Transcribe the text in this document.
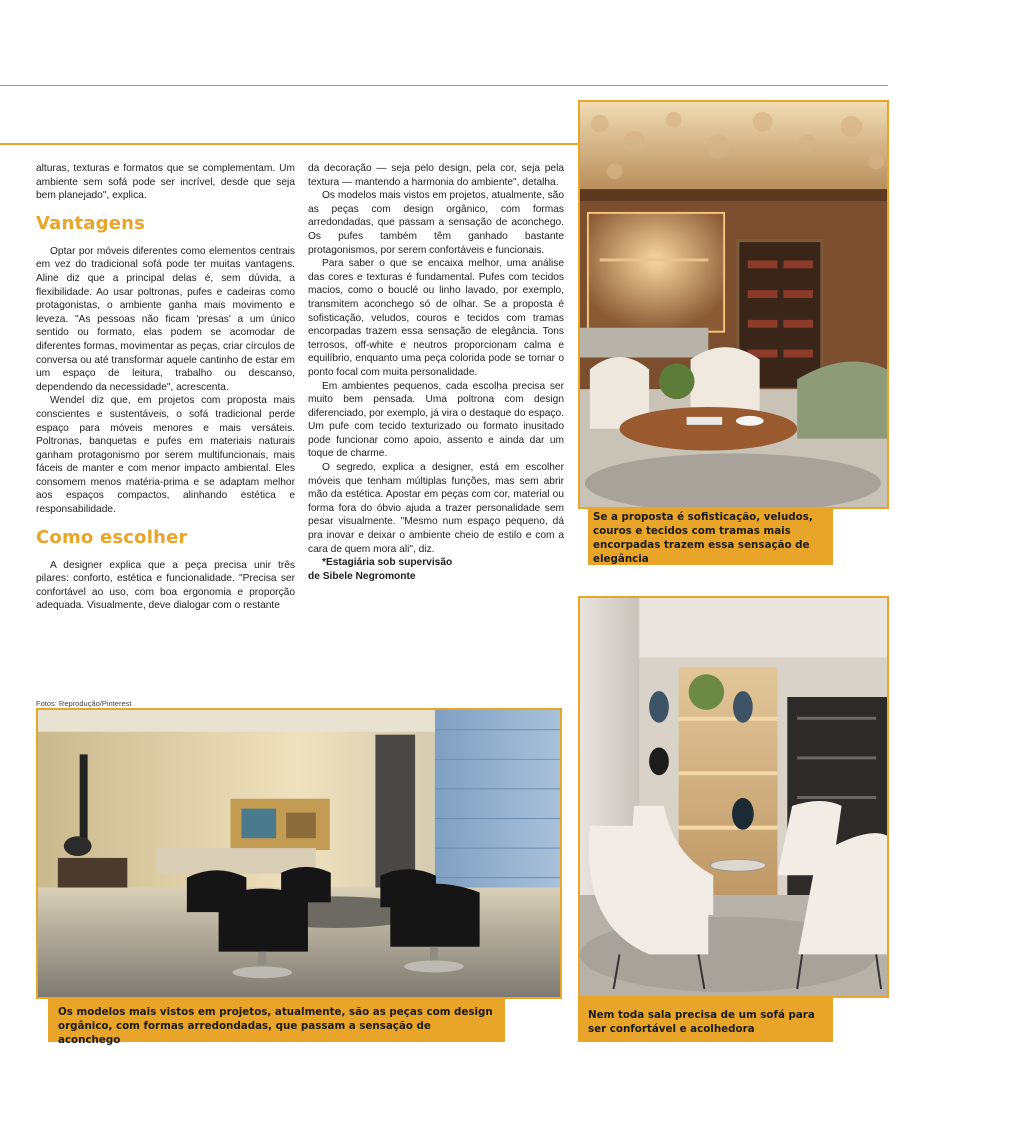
alturas, texturas e formatos que se complementam. Um ambiente sem sofá pode ser incrível, desde que seja bem planejado", explica.

Vantagens

Optar por móveis diferentes como elementos centrais em vez do tradicional sofá pode ter muitas vantagens. Aline diz que a principal delas é, sem dúvida, a flexibilidade. Ao usar poltronas, pufes e cadeiras como protagonistas, o ambiente ganha mais movimento e leveza. "As pessoas não ficam 'presas' a um único sentido ou formato, elas podem se acomodar de diferentes formas, movimentar as peças, criar círculos de conversa ou até transformar aquele cantinho de estar em um espaço de leitura, trabalho ou descanso, dependendo da necessidade", acrescenta.

Wendel diz que, em projetos com proposta mais conscientes e sustentáveis, o sofá tradicional perde espaço para móveis menores e mais versáteis. Poltronas, banquetas e pufes em materiais naturais ganham protagonismo por serem multifuncionais, mais fáceis de manter e com menor impacto ambiental. Eles consomem menos matéria-prima e se adaptam melhor aos espaços compactos, alinhando estética e responsabilidade.

Como escolher

A designer explica que a peça precisa unir três pilares: conforto, estética e funcionalidade. "Precisa ser confortável ao uso, com boa ergonomia e proporção adequada. Visualmente, deve dialogar com o restante

da decoração — seja pelo design, pela cor, seja pela textura — mantendo a harmonia do ambiente", detalha.

Os modelos mais vistos em projetos, atualmente, são as peças com design orgânico, com formas arredondadas, que passam a sensação de aconchego. Os pufes também têm ganhado bastante protagonismos, por serem confortáveis e funcionais.

Para saber o que se encaixa melhor, uma análise das cores e texturas é fundamental. Pufes com tecidos macios, como o bouclé ou linho lavado, por exemplo, transmitem aconchego só de olhar. Se a proposta é sofisticação, veludos, couros e tecidos com tramas encorpadas trazem essa sensação de elegância. Tons terrosos, off-white e neutros proporcionam calma e equilíbrio, enquanto uma peça colorida pode se tornar o ponto focal com muita personalidade.

Em ambientes pequenos, cada escolha precisa ser muito bem pensada. Uma poltrona com design diferenciado, por exemplo, já vira o destaque do espaço. Um pufe com tecido texturizado ou formato inusitado pode funcionar como apoio, assento e ainda dar um toque de charme.

O segredo, explica a designer, está em escolher móveis que tenham múltiplas funções, mas sem abrir mão da estética. Apostar em peças com cor, material ou forma fora do óbvio ajuda a trazer personalidade sem pesar visualmente. "Mesmo num espaço pequeno, dá pra inovar e deixar o ambiente cheio de estilo e com a cara de quem mora ali", diz.

*Estagiária sob supervisão
de Sibele Negromonte

Se a proposta é sofisticação, veludos, couros e tecidos com tramas mais encorpadas trazem essa sensação de elegância
Fotos: Reprodução/Pinterest
Os modelos mais vistos em projetos, atualmente, são as peças com design orgânico, com formas arredondadas, que passam a sensação de aconchego
Nem toda sala precisa de um sofá para ser confortável e acolhedora
